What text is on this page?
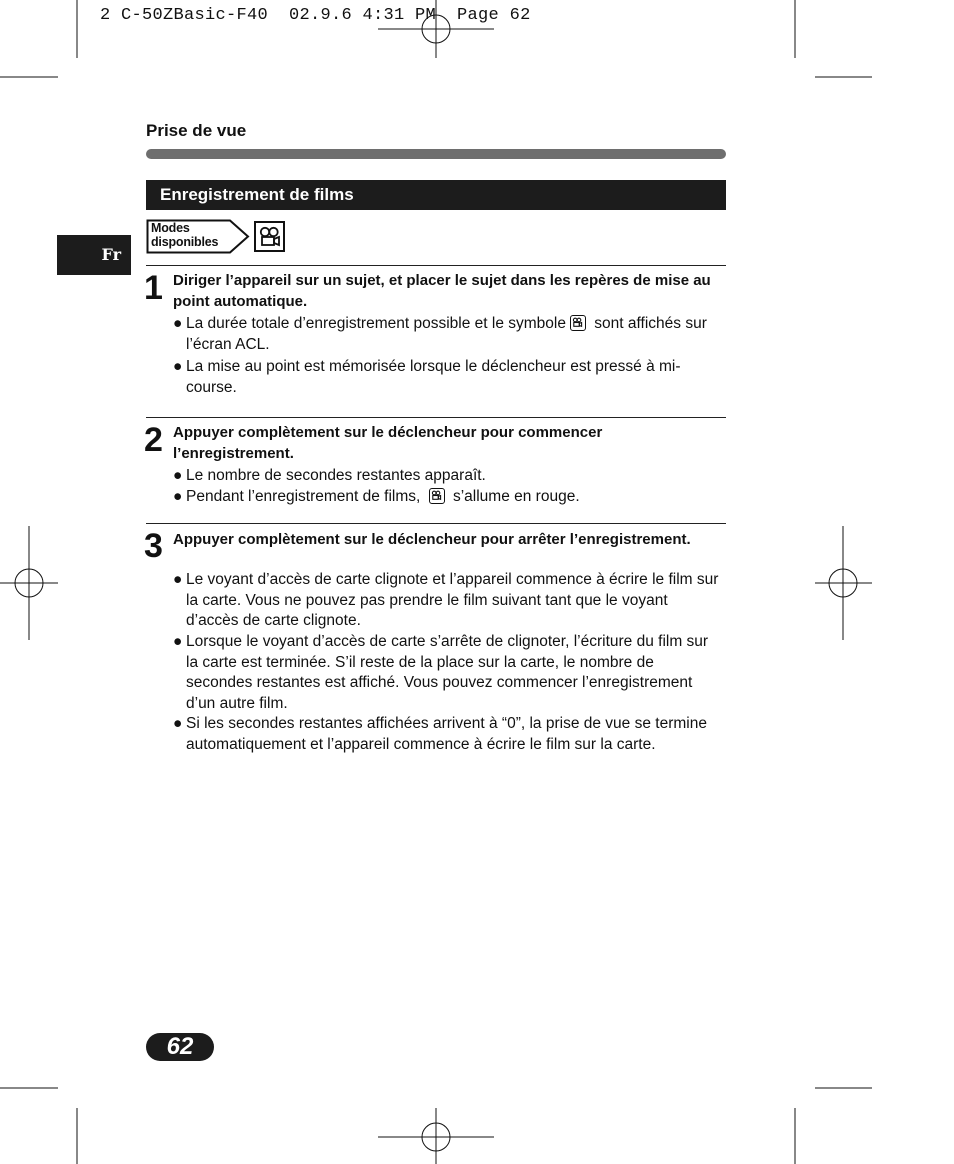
2 C-50ZBasic-F40  02.9.6 4:31 PM  Page 62
Prise de vue
Enregistrement de films
Fr
Modes
disponibles
1 Diriger l’appareil sur un sujet, et placer le sujet dans les repères de mise au point automatique.
● La durée totale d’enregistrement possible et le symbole sont affichés sur l’écran ACL.
● La mise au point est mémorisée lorsque le déclencheur est pressé à mi-course.
2 Appuyer complètement sur le déclencheur pour commencer l’enregistrement.
● Le nombre de secondes restantes apparaît.
● Pendant l’enregistrement de films, s’allume en rouge.
3 Appuyer complètement sur le déclencheur pour arrêter l’enregistrement.
● Le voyant d’accès de carte clignote et l’appareil commence à écrire le film sur la carte. Vous ne pouvez pas prendre le film suivant tant que le voyant d’accès de carte clignote.
● Lorsque le voyant d’accès de carte s’arrête de clignoter, l’écriture du film sur la carte est terminée. S’il reste de la place sur la carte, le nombre de secondes restantes est affiché. Vous pouvez commencer l’enregistrement d’un autre film.
● Si les secondes restantes affichées arrivent à “0”, la prise de vue se termine automatiquement et l’appareil commence à écrire le film sur la carte.
62
